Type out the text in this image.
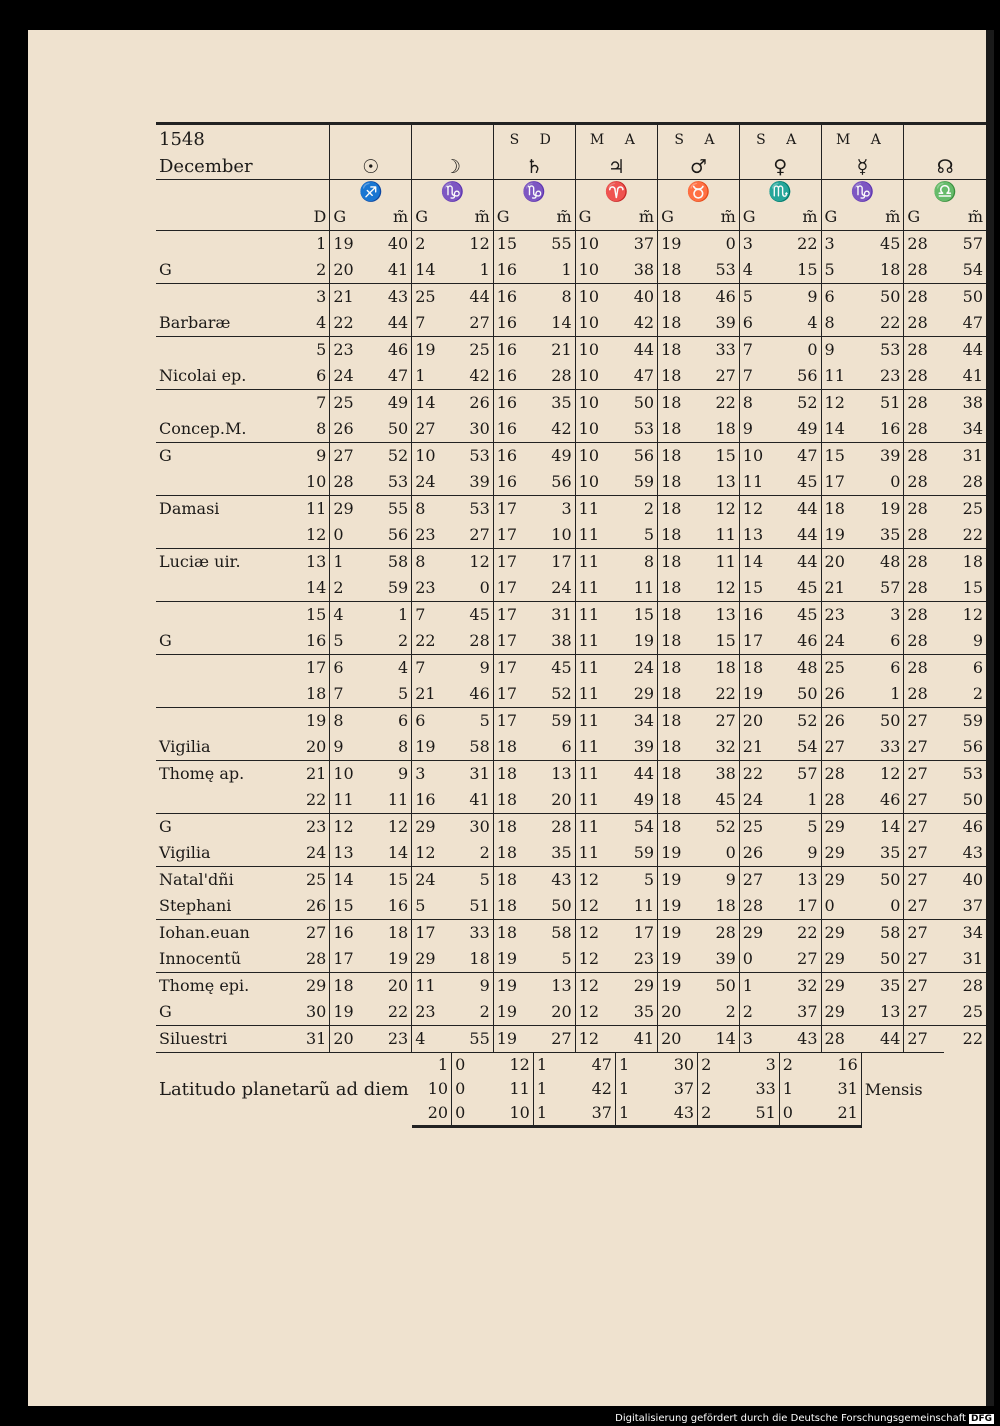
1548						S D		M A		S A		S A		M A			
December		☉		☽		♄		♃		♂		♀		☿		☊	
		♐		♑		♑		♈		♉		♏		♑		♎	
	D	G	m̃	G	m̃	G	m̃	G	m̃	G	m̃	G	m̃	G	m̃	G	m̃
	1	19	40	2	12	15	55	10	37	19	0	3	22	3	45	28	57
G	2	20	41	14	1	16	1	10	38	18	53	4	15	5	18	28	54
	3	21	43	25	44	16	8	10	40	18	46	5	9	6	50	28	50
Barbaræ	4	22	44	7	27	16	14	10	42	18	39	6	4	8	22	28	47
	5	23	46	19	25	16	21	10	44	18	33	7	0	9	53	28	44
Nicolai ep.	6	24	47	1	42	16	28	10	47	18	27	7	56	11	23	28	41
	7	25	49	14	26	16	35	10	50	18	22	8	52	12	51	28	38
Concep.M.	8	26	50	27	30	16	42	10	53	18	18	9	49	14	16	28	34
G	9	27	52	10	53	16	49	10	56	18	15	10	47	15	39	28	31
	10	28	53	24	39	16	56	10	59	18	13	11	45	17	0	28	28
Damasi	11	29	55	8	53	17	3	11	2	18	12	12	44	18	19	28	25
	12	0	56	23	27	17	10	11	5	18	11	13	44	19	35	28	22
Luciæ uir.	13	1	58	8	12	17	17	11	8	18	11	14	44	20	48	28	18
	14	2	59	23	0	17	24	11	11	18	12	15	45	21	57	28	15
	15	4	1	7	45	17	31	11	15	18	13	16	45	23	3	28	12
G	16	5	2	22	28	17	38	11	19	18	15	17	46	24	6	28	9
	17	6	4	7	9	17	45	11	24	18	18	18	48	25	6	28	6
	18	7	5	21	46	17	52	11	29	18	22	19	50	26	1	28	2
	19	8	6	6	5	17	59	11	34	18	27	20	52	26	50	27	59
Vigilia	20	9	8	19	58	18	6	11	39	18	32	21	54	27	33	27	56
Thomę ap.	21	10	9	3	31	18	13	11	44	18	38	22	57	28	12	27	53
	22	11	11	16	41	18	20	11	49	18	45	24	1	28	46	27	50
G	23	12	12	29	30	18	28	11	54	18	52	25	5	29	14	27	46
Vigilia	24	13	14	12	2	18	35	11	59	19	0	26	9	29	35	27	43
Natal'dñi	25	14	15	24	5	18	43	12	5	19	9	27	13	29	50	27	40
Stephani	26	15	16	5	51	18	50	12	11	19	18	28	17	0	0	27	37
Iohan.euan	27	16	18	17	33	18	58	12	17	19	28	29	22	29	58	27	34
Innocentũ	28	17	19	29	18	19	5	12	23	19	39	0	27	29	50	27	31
Thomę epi.	29	18	20	11	9	19	13	12	29	19	50	1	32	29	35	27	28
G	30	19	22	23	2	19	20	12	35	20	2	2	37	29	13	27	25
Siluestri	31	20	23	4	55	19	27	12	41	20	14	3	43	28	44	27	22
Latitudo planetarũ ad diem				1	0	12	1	47	1	30	2	3	2	16	Mensis		
				10	0	11	1	42	1	37	2	33	1	31			
				20	0	10	1	37	1	43	2	51	0	21			
Digitalisierung gefördert durch die Deutsche Forschungsgemeinschaft DFG
